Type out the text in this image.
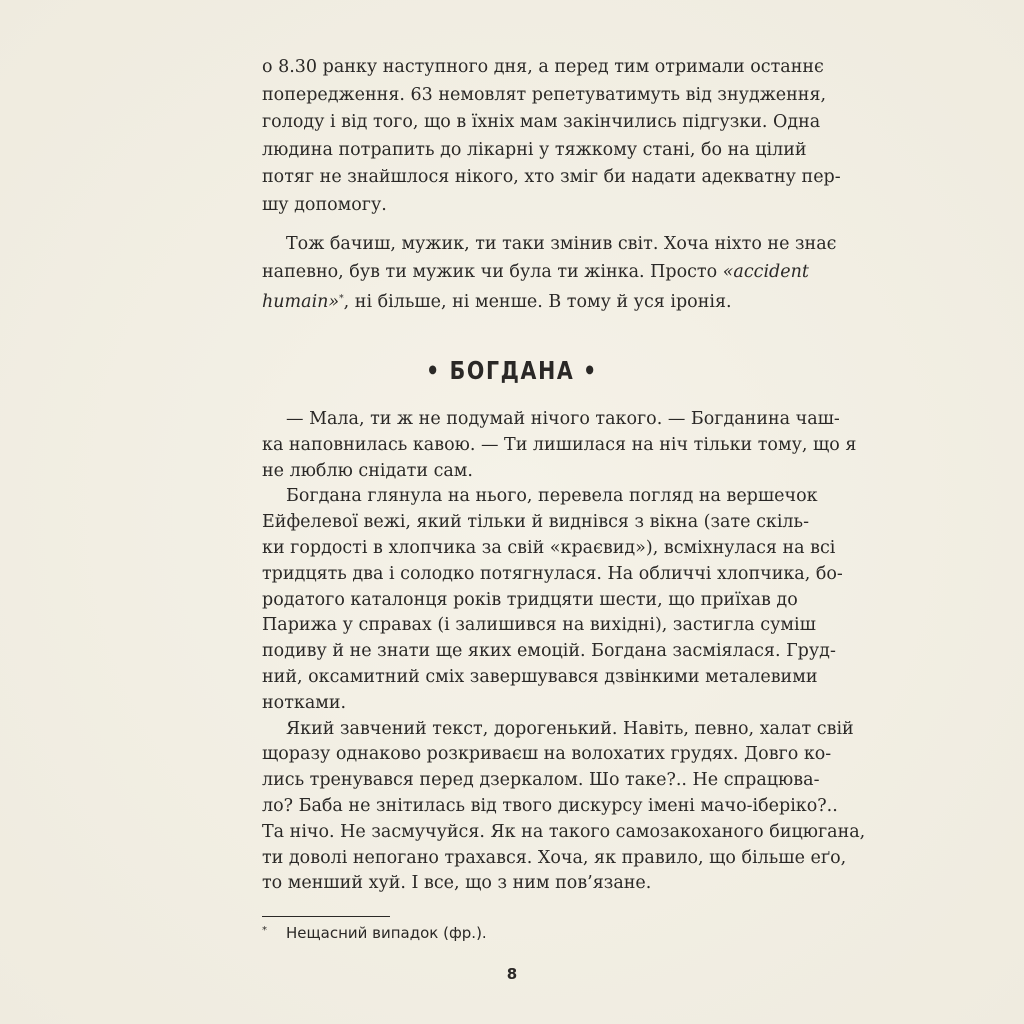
о 8.30 ранку наступного дня, а перед тим отримали останнє
попередження. 63 немовлят репетуватимуть від знудження,
голоду і від того, що в їхніх мам закінчились підгузки. Одна
людина потрапить до лікарні у тяжкому стані, бо на цілий
потяг не знайшлося нікого, хто зміг би надати адекватну пер-
шу допомогу.
Тож бачиш, мужик, ти таки змінив світ. Хоча ніхто не знає
напевно, був ти мужик чи була ти жінка. Просто «accident
humain»*, ні більше, ні менше. В тому й уся іронія.
• БОГДАНА •
— Мала, ти ж не подумай нічого такого. — Богданина чаш-
ка наповнилась кавою. — Ти лишилася на ніч тільки тому, що я
не люблю снідати сам.
Богдана глянула на нього, перевела погляд на вершечок
Ейфелевої вежі, який тільки й виднівся з вікна (зате скіль-
ки гордості в хлопчика за свій «краєвид»), всміхнулася на всі
тридцять два і солодко потягнулася. На обличчі хлопчика, бо-
родатого каталонця років тридцяти шести, що приїхав до
Парижа у справах (і залишився на вихідні), застигла суміш
подиву й не знати ще яких емоцій. Богдана засміялася. Груд-
ний, оксамитний сміх завершувався дзвінкими металевими
нотками.
Який завчений текст, дорогенький. Навіть, певно, халат свій
щоразу однаково розкриваєш на волохатих грудях. Довго ко-
лись тренувався перед дзеркалом. Шо таке?.. Не спрацюва-
ло? Баба не знітилась від твого дискурсу імені мачо-іберіко?..
Та нічо. Не засмучуйся. Як на такого самозакоханого бицюгана,
ти доволі непогано трахався. Хоча, як правило, що більше еґо,
то менший хуй. І все, що з ним пов’язане.
* Нещасний випадок (фр.).
8
